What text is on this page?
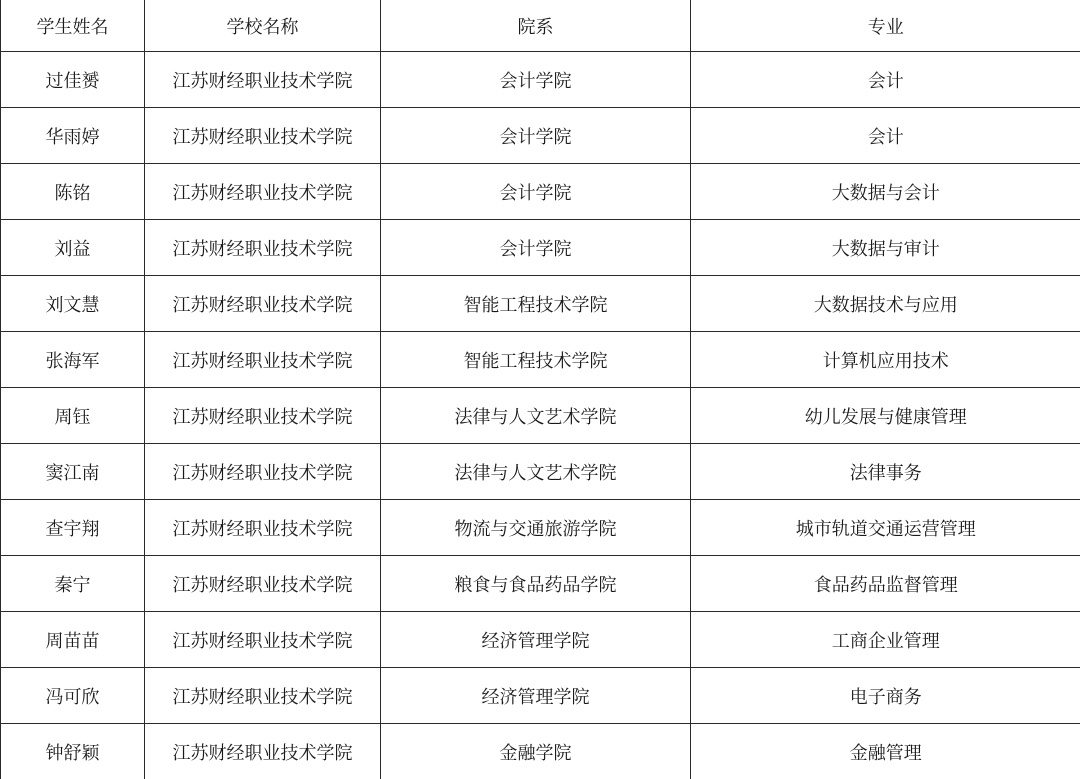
学生姓名	学校名称	院系	专业
过佳赟	江苏财经职业技术学院	会计学院	会计
华雨婷	江苏财经职业技术学院	会计学院	会计
陈铭	江苏财经职业技术学院	会计学院	大数据与会计
刘益	江苏财经职业技术学院	会计学院	大数据与审计
刘文慧	江苏财经职业技术学院	智能工程技术学院	大数据技术与应用
张海军	江苏财经职业技术学院	智能工程技术学院	计算机应用技术
周钰	江苏财经职业技术学院	法律与人文艺术学院	幼儿发展与健康管理
窦江南	江苏财经职业技术学院	法律与人文艺术学院	法律事务
查宇翔	江苏财经职业技术学院	物流与交通旅游学院	城市轨道交通运营管理
秦宁	江苏财经职业技术学院	粮食与食品药品学院	食品药品监督管理
周苗苗	江苏财经职业技术学院	经济管理学院	工商企业管理
冯可欣	江苏财经职业技术学院	经济管理学院	电子商务
钟舒颖	江苏财经职业技术学院	金融学院	金融管理
